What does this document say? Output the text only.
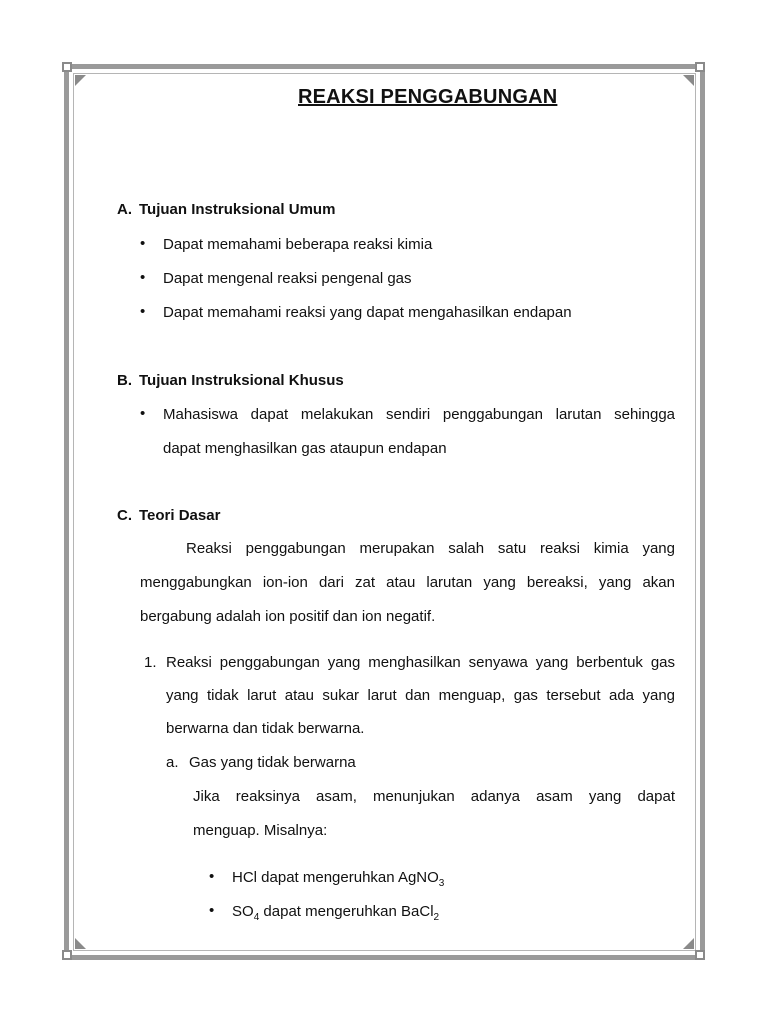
REAKSI PENGGABUNGAN
A. Tujuan Instruksional Umum
• Dapat memahami beberapa reaksi kimia
• Dapat mengenal reaksi pengenal gas
• Dapat memahami reaksi yang dapat mengahasilkan endapan
B. Tujuan Instruksional Khusus
• Mahasiswa dapat melakukan sendiri penggabungan larutan sehingga
dapat menghasilkan gas ataupun endapan
C. Teori Dasar
Reaksi penggabungan merupakan salah satu reaksi kimia yang
menggabungkan ion-ion dari zat atau larutan yang bereaksi, yang akan
bergabung adalah ion positif dan ion negatif.
1. Reaksi penggabungan yang menghasilkan senyawa yang berbentuk gas
yang tidak larut atau sukar larut dan menguap, gas tersebut ada yang
berwarna dan tidak berwarna.
a. Gas yang tidak berwarna
Jika reaksinya asam, menunjukan adanya asam yang dapat
menguap. Misalnya:
• HCl dapat mengeruhkan AgNO$_3$
• $SO_4$ dapat mengeruhkan BaCl$_2$
